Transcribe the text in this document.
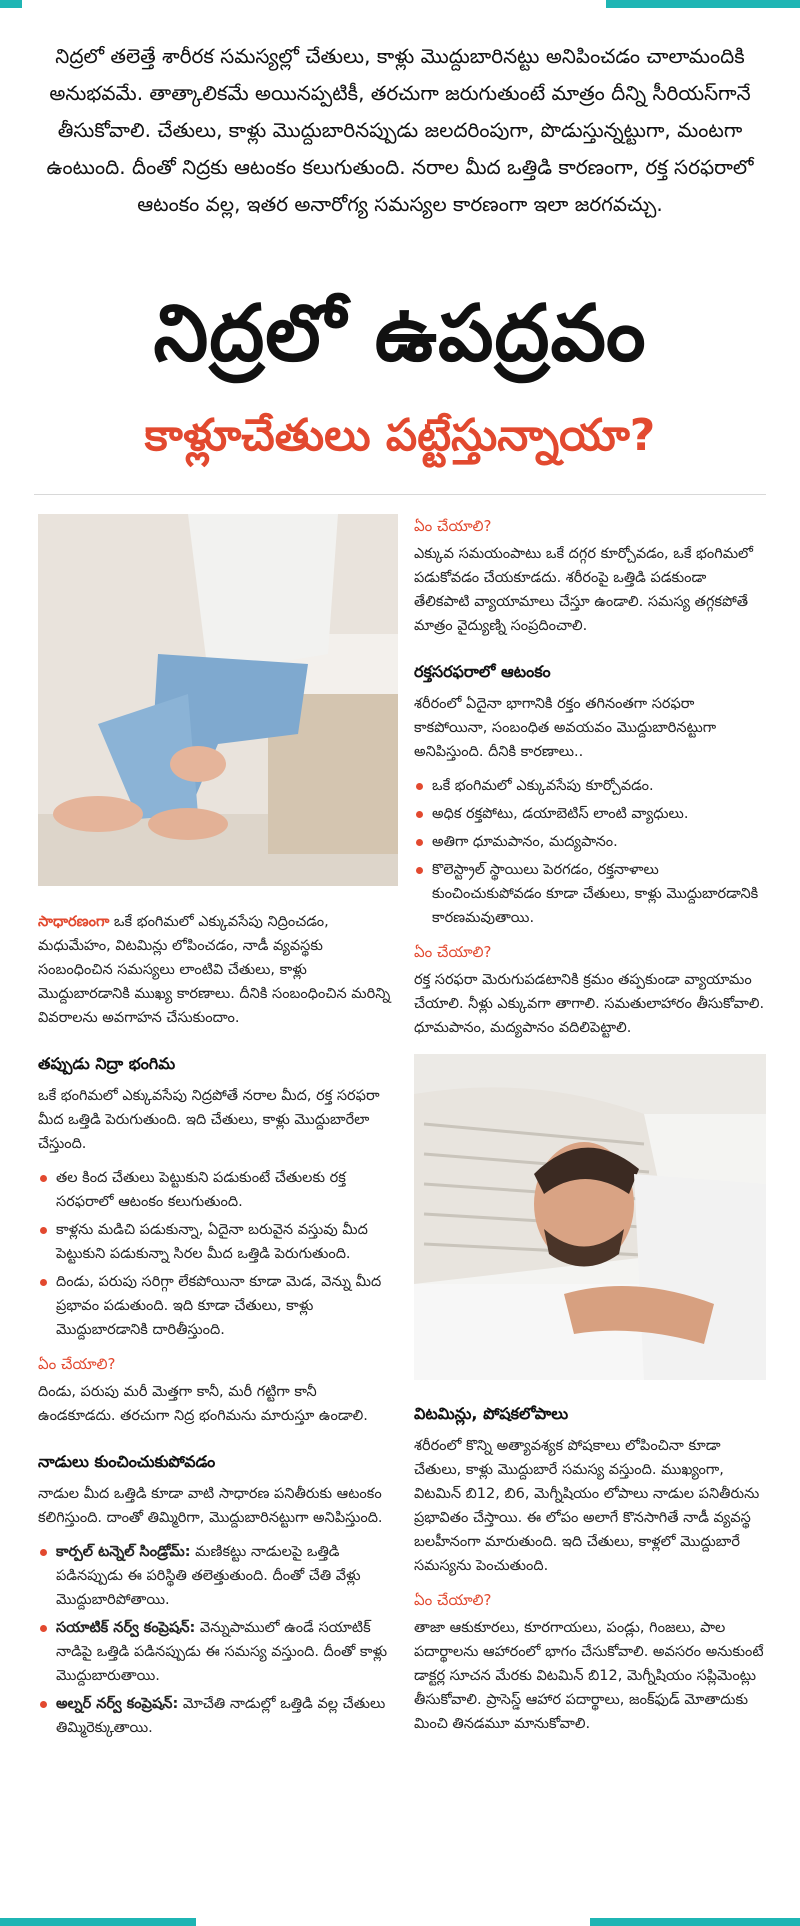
నిద్రలో తలెత్తే శారీరక సమస్యల్లో చేతులు, కాళ్లు మొద్దుబారినట్టు అనిపించడం చాలామందికి అనుభవమే. తాత్కాలికమే అయినప్పటికీ, తరచుగా జరుగుతుంటే మాత్రం దీన్ని సీరియస్‌గానే తీసుకోవాలి. చేతులు, కాళ్లు మొద్దుబారినప్పుడు జలదరింపుగా, పొడుస్తున్నట్టుగా, మంటగా ఉంటుంది. దీంతో నిద్రకు ఆటంకం కలుగుతుంది. నరాల మీద ఒత్తిడి కారణంగా, రక్త సరఫరాలో ఆటంకం వల్ల, ఇతర అనారోగ్య సమస్యల కారణంగా ఇలా జరగవచ్చు.
నిద్రలో ఉపద్రవం
కాళ్లూచేతులు పట్టేస్తున్నాయా?

సాధారణంగా ఒకే భంగిమలో ఎక్కువసేపు నిద్రించడం, మధుమేహం, విటమిన్లు లోపించడం, నాడీ వ్యవస్థకు సంబంధించిన సమస్యలు లాంటివి చేతులు, కాళ్లు మొద్దుబారడానికి ముఖ్య కారణాలు. దీనికి సంబంధించిన మరిన్ని వివరాలను అవగాహన చేసుకుందాం.

తప్పుడు నిద్రా భంగిమ

ఒకే భంగిమలో ఎక్కువసేపు నిద్రపోతే నరాల మీద, రక్త సరఫరా మీద ఒత్తిడి పెరుగుతుంది. ఇది చేతులు, కాళ్లు మొద్దుబారేలా చేస్తుంది.

తల కింద చేతులు పెట్టుకుని పడుకుంటే చేతులకు రక్త సరఫరాలో ఆటంకం కలుగుతుంది.
కాళ్లను మడిచి పడుకున్నా, ఏదైనా బరువైన వస్తువు మీద పెట్టుకుని పడుకున్నా సిరల మీద ఒత్తిడి పెరుగుతుంది.
దిండు, పరుపు సరిగ్గా లేకపోయినా కూడా మెడ, వెన్ను మీద ప్రభావం పడుతుంది. ఇది కూడా చేతులు, కాళ్లు మొద్దుబారడానికి దారితీస్తుంది.
ఏం చేయాలి?

దిండు, పరుపు మరీ మెత్తగా కానీ, మరీ గట్టిగా కానీ ఉండకూడదు. తరచుగా నిద్ర భంగిమను మారుస్తూ ఉండాలి.

నాడులు కుంచించుకుపోవడం

నాడుల మీద ఒత్తిడి కూడా వాటి సాధారణ పనితీరుకు ఆటంకం కలిగిస్తుంది. దాంతో తిమ్మిరిగా, మొద్దుబారినట్టుగా అనిపిస్తుంది.

కార్పల్ టన్నెల్ సిండ్రోమ్: మణికట్టు నాడులపై ఒత్తిడి పడినప్పుడు ఈ పరిస్థితి తలెత్తుతుంది. దీంతో చేతి వేళ్లు మొద్దుబారిపోతాయి.
సయాటిక్ నర్వ్ కంప్రెషన్: వెన్నుపాములో ఉండే సయాటిక్ నాడిపై ఒత్తిడి పడినప్పుడు ఈ సమస్య వస్తుంది. దీంతో కాళ్లు మొద్దుబారుతాయి.
అల్నర్ నర్వ్ కంప్రెషన్: మోచేతి నాడుల్లో ఒత్తిడి వల్ల చేతులు తిమ్మిరెక్కుతాయి.
ఏం చేయాలి?

ఎక్కువ సమయంపాటు ఒకే దగ్గర కూర్చోవడం, ఒకే భంగిమలో పడుకోవడం చేయకూడదు. శరీరంపై ఒత్తిడి పడకుండా తేలికపాటి వ్యాయామాలు చేస్తూ ఉండాలి. సమస్య తగ్గకపోతే మాత్రం వైద్యుణ్ని సంప్రదించాలి.

రక్తసరఫరాలో ఆటంకం

శరీరంలో ఏదైనా భాగానికి రక్తం తగినంతగా సరఫరా కాకపోయినా, సంబంధిత అవయవం మొద్దుబారినట్టుగా అనిపిస్తుంది. దీనికి కారణాలు..

ఒకే భంగిమలో ఎక్కువసేపు కూర్చోవడం.
అధిక రక్తపోటు, డయాబెటిస్ లాంటి వ్యాధులు.
అతిగా ధూమపానం, మద్యపానం.
కొలెస్ట్రాల్ స్థాయిలు పెరగడం, రక్తనాళాలు కుంచించుకుపోవడం కూడా చేతులు, కాళ్లు మొద్దుబారడానికి కారణమవుతాయి.
ఏం చేయాలి?

రక్త సరఫరా మెరుగుపడటానికి క్రమం తప్పకుండా వ్యాయామం చేయాలి. నీళ్లు ఎక్కువగా తాగాలి. సమతులాహారం తీసుకోవాలి. ధూమపానం, మద్యపానం వదిలిపెట్టాలి.

విటమిన్లు, పోషకలోపాలు

శరీరంలో కొన్ని అత్యావశ్యక పోషకాలు లోపించినా కూడా చేతులు, కాళ్లు మొద్దుబారే సమస్య వస్తుంది. ముఖ్యంగా, విటమిన్ బి12, బి6, మెగ్నీషియం లోపాలు నాడుల పనితీరును ప్రభావితం చేస్తాయి. ఈ లోపం అలాగే కొనసాగితే నాడీ వ్యవస్థ బలహీనంగా మారుతుంది. ఇది చేతులు, కాళ్లలో మొద్దుబారే సమస్యను పెంచుతుంది.

ఏం చేయాలి?

తాజా ఆకుకూరలు, కూరగాయలు, పండ్లు, గింజలు, పాల పదార్థాలను ఆహారంలో భాగం చేసుకోవాలి. అవసరం అనుకుంటే డాక్టర్ల సూచన మేరకు విటమిన్ బి12, మెగ్నీషియం సప్లిమెంట్లు తీసుకోవాలి. ప్రాసెస్డ్ ఆహార పదార్థాలు, జంక్‌ఫుడ్ మోతాదుకు మించి తినడమూ మానుకోవాలి.
